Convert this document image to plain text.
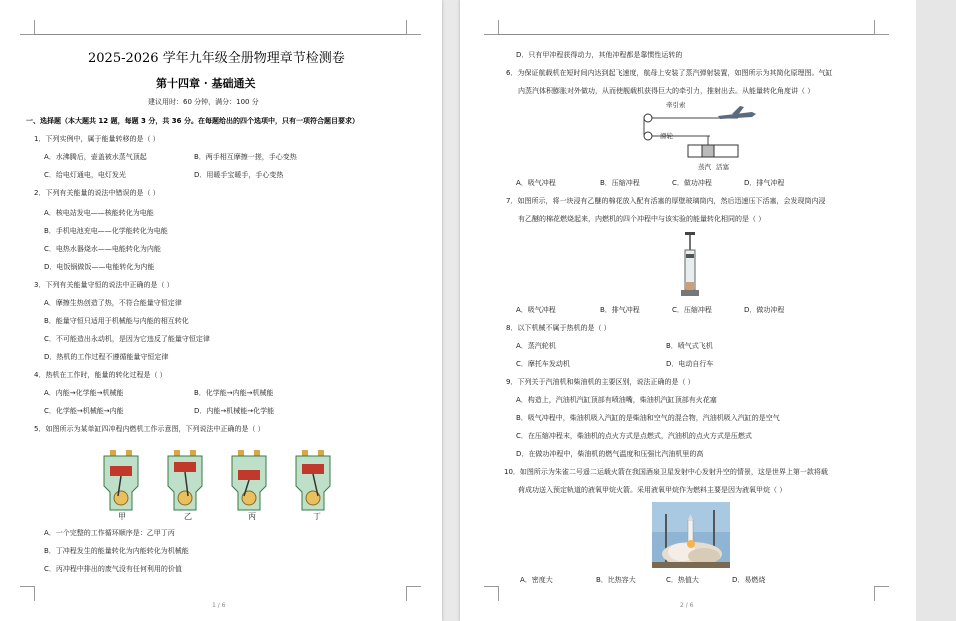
2025-2026 学年九年级全册物理章节检测卷
第十四章 · 基础通关
建议用时：60 分钟，满分：100 分
一、选择题（本大题共 12 题，每题 3 分，共 36 分。在每题给出的四个选项中，只有一项符合题目要求）
1．下列实例中，属于能量转移的是（ ）
A．水沸腾后，壶盖被水蒸气顶起	B．两手相互摩擦一搓，手心变热
C．给电灯通电，电灯发光	D．用暖手宝暖手，手心变热
2．下列有关能量的说法中错误的是（ ）
A．核电站发电——核能转化为电能
B．手机电池充电——化学能转化为电能
C．电热水器烧水——电能转化为内能
D．电饭锅做饭——电能转化为内能
3．下列有关能量守恒的说法中正确的是（ ）
A．摩擦生热创造了热，不符合能量守恒定律
B．能量守恒只适用于机械能与内能的相互转化
C．不可能造出永动机，是因为它违反了能量守恒定律
D．热机的工作过程不遵循能量守恒定律
4．热机在工作时，能量的转化过程是（ ）
A．内能→化学能→机械能	B．化学能→内能→机械能
C．化学能→机械能→内能	D．内能→机械能→化学能
5．如图所示为某单缸四冲程内燃机工作示意图，下列说法中正确的是（ ）
甲	乙	丙	丁
A．一个完整的工作循环顺序是：乙甲丁丙
B．丁冲程发生的能量转化为内能转化为机械能
C．丙冲程中排出的废气没有任何利用的价值
1 / 6
D．只有甲冲程获得动力，其他冲程都是靠惯性运转的
6．为保证航载机在短时间内达到起飞速度，航母上安装了蒸汽弹射装置，如图所示为其简化原理图。气缸
内蒸汽体积膨胀对外做功，从而使舰载机获得巨大的牵引力，推射出去。从能量转化角度讲（ ）
牵引索
滑轮
蒸汽 活塞
A．吸气冲程	B．压缩冲程	C．做功冲程	D．排气冲程
7．如图所示，将一块浸有乙醚的棉花放入配有活塞的厚壁玻璃筒内，然后迅速压下活塞，会发现筒内浸
有乙醚的棉花燃烧起来，内燃机的四个冲程中与该实验的能量转化相同的是（ ）
A．吸气冲程	B．排气冲程	C．压缩冲程	D．做功冲程
8．以下机械不属于热机的是（ ）
A．蒸汽轮机	B．喷气式飞机
C．摩托车发动机	D．电动自行车
9．下列关于汽油机和柴油机的主要区别，说法正确的是（ ）
A．构造上，汽油机汽缸顶部有喷油嘴，柴油机汽缸顶部有火花塞
B．吸气冲程中，柴油机吸入汽缸的是柴油和空气的混合物，汽油机吸入汽缸的是空气
C．在压缩冲程末，柴油机的点火方式是点燃式，汽油机的点火方式是压燃式
D．在做功冲程中，柴油机的燃气温度和压强比汽油机里的高
10．如图所示为朱雀二号遥二运载火箭在我国酒泉卫星发射中心发射升空的情景，这是世界上第一款将载
荷成功送入预定轨道的液氧甲烷火箭。采用液氧甲烷作为燃料主要是因为液氧甲烷（ ）
A．密度大	B．比热容大	C．热值大	D．易燃烧
2 / 6
